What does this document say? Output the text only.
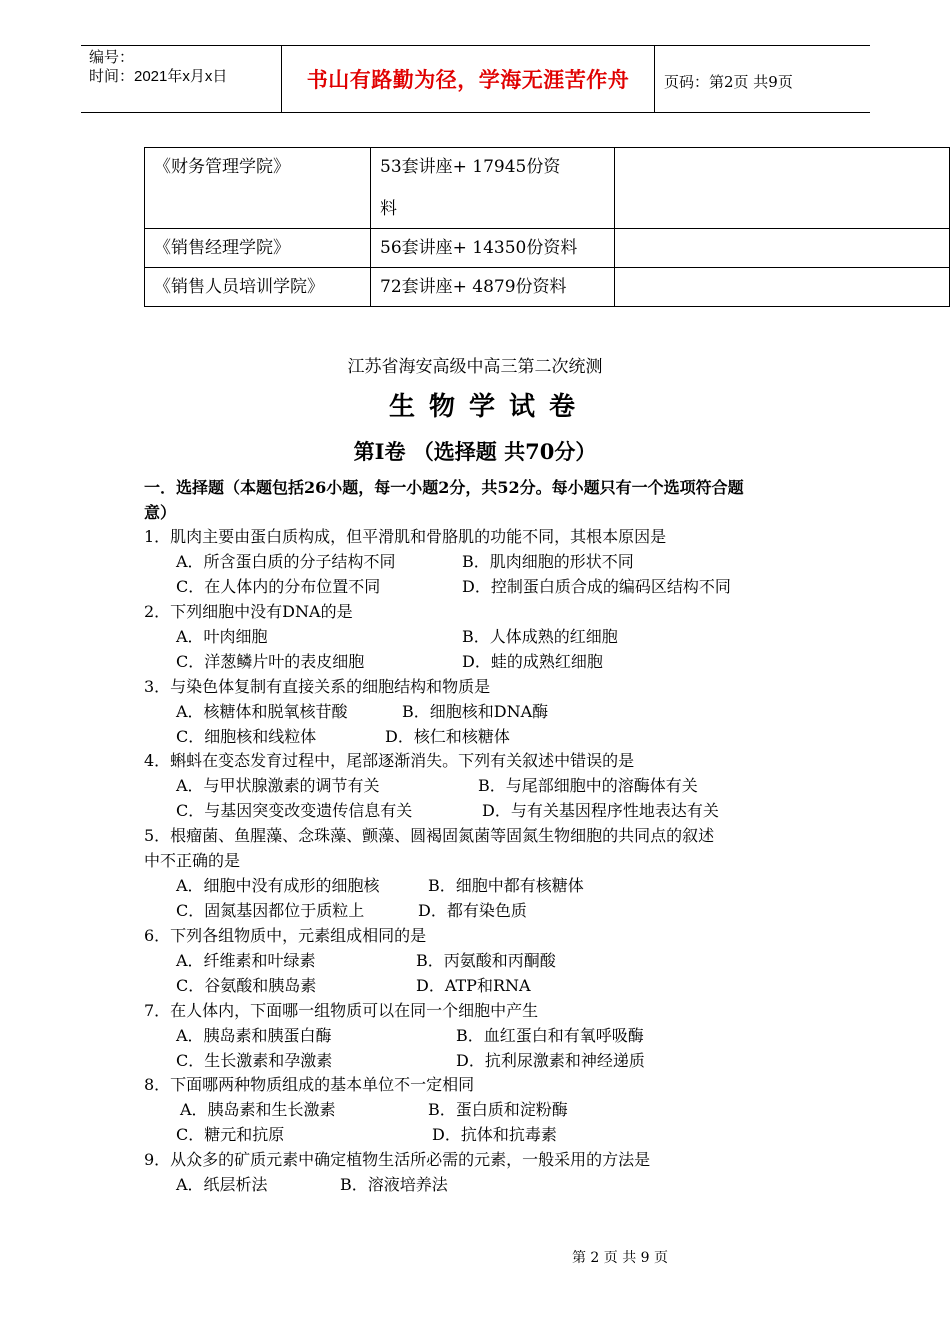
编号：
时间：2021年x月x日	书山有路勤为径，学海无涯苦作舟	页码：第2页 共9页
《财务管理学院》	53套讲座+ 17945份资
料	

《销售经理学院》	56套讲座+ 14350份资料	
《销售人员培训学院》	72套讲座+ 4879份资料	
江苏省海安高级中高三第二次统测
生物学试卷
第Ⅰ卷 （选择题 共70分）
一．选择题（本题包括26小题，每一小题2分，共52分。每小题只有一个选项符合题
意）
1．肌肉主要由蛋白质构成，但平滑肌和骨胳肌的功能不同，其根本原因是
A．所含蛋白质的分子结构不同	B．肌肉细胞的形状不同
C．在人体内的分布位置不同	D．控制蛋白质合成的编码区结构不同
2．下列细胞中没有DNA的是
A．叶肉细胞	B．人体成熟的红细胞
C．洋葱鳞片叶的表皮细胞	D．蛙的成熟红细胞
3．与染色体复制有直接关系的细胞结构和物质是
A．核糖体和脱氧核苷酸	B．细胞核和DNA酶
C．细胞核和线粒体	D．核仁和核糖体
4．蝌蚪在变态发育过程中，尾部逐渐消失。下列有关叙述中错误的是
A．与甲状腺激素的调节有关	B．与尾部细胞中的溶酶体有关
C．与基因突变改变遗传信息有关	D．与有关基因程序性地表达有关
5．根瘤菌、鱼腥藻、念珠藻、颤藻、圆褐固氮菌等固氮生物细胞的共同点的叙述
中不正确的是
A．细胞中没有成形的细胞核	B．细胞中都有核糖体
C．固氮基因都位于质粒上	D．都有染色质
6．下列各组物质中，元素组成相同的是
A．纤维素和叶绿素	B．丙氨酸和丙酮酸
C．谷氨酸和胰岛素	D．ATP和RNA
7．在人体内，下面哪一组物质可以在同一个细胞中产生
A．胰岛素和胰蛋白酶	B．血红蛋白和有氧呼吸酶
C．生长激素和孕激素	D．抗利尿激素和神经递质
8．下面哪两种物质组成的基本单位不一定相同
A．胰岛素和生长激素	B．蛋白质和淀粉酶
C．糖元和抗原	D．抗体和抗毒素
9．从众多的矿质元素中确定植物生活所必需的元素，一般采用的方法是
A．纸层析法	B．溶液培养法
第 2 页 共 9 页
